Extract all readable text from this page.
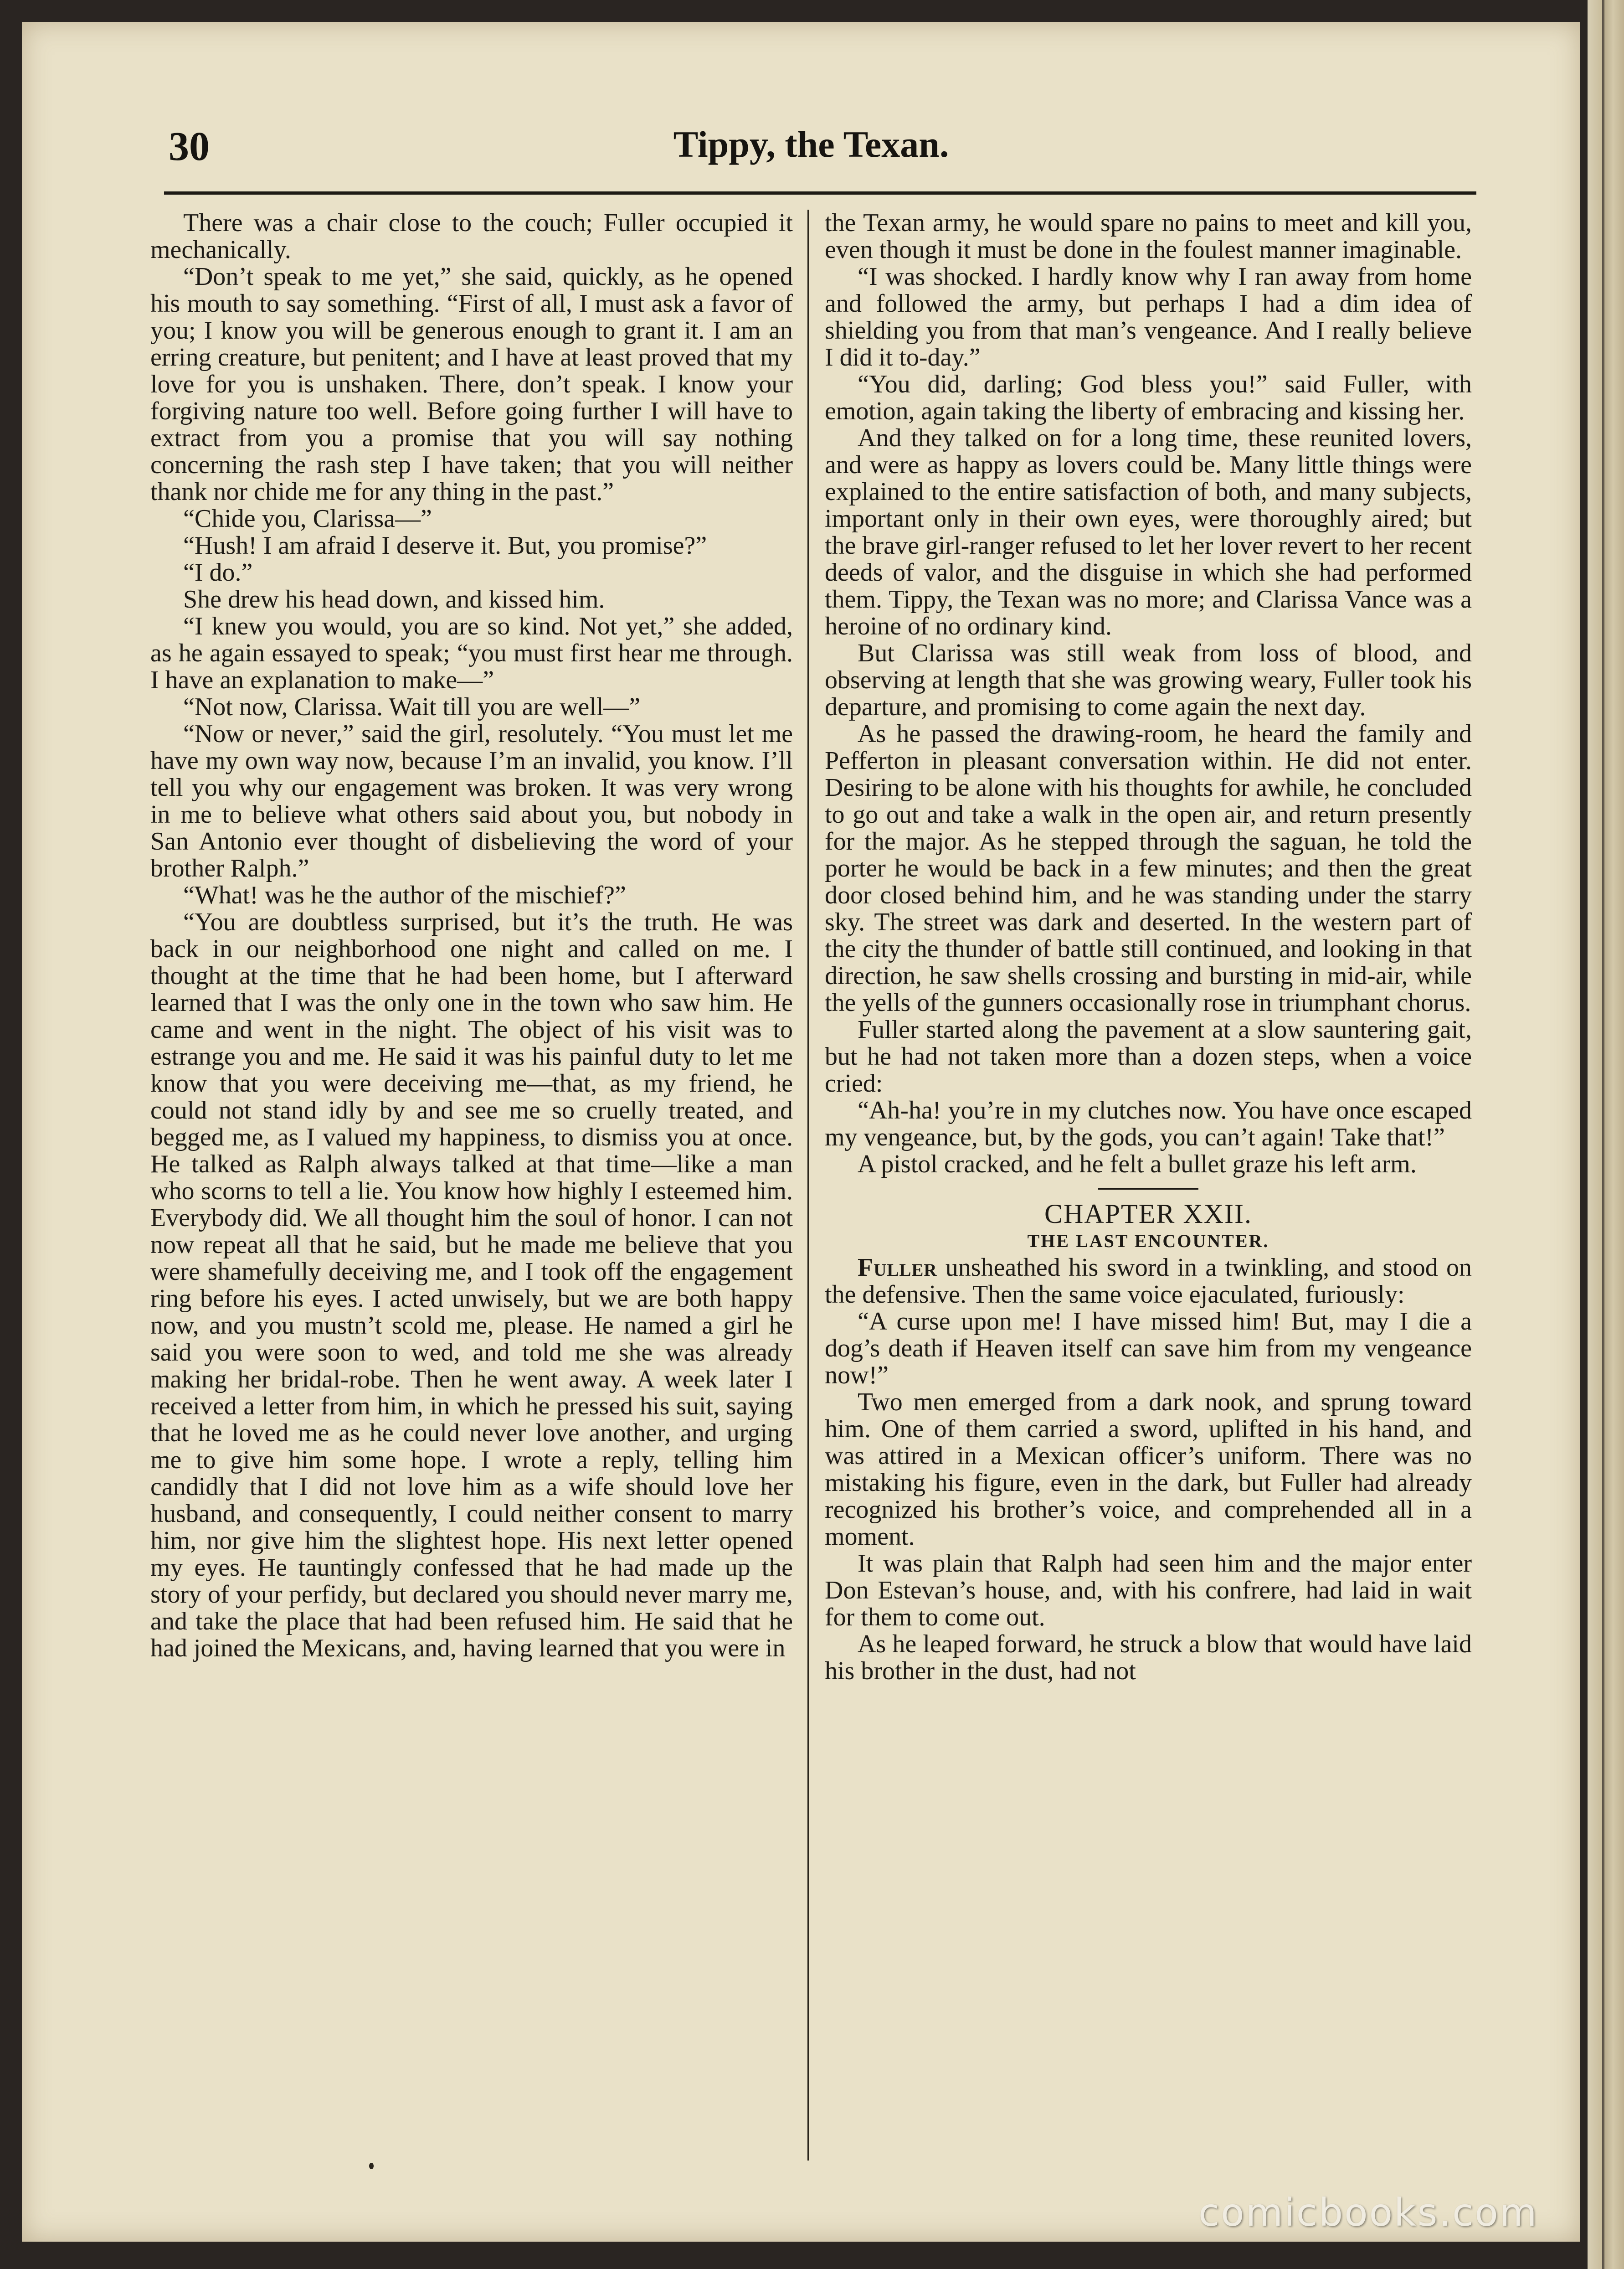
30	Tippy, the Texan.

There was a chair close to the couch; Fuller occupied it mechanically.

“Don’t speak to me yet,” she said, quickly, as he opened his mouth to say something. “First of all, I must ask a favor of you; I know you will be generous enough to grant it. I am an erring creature, but penitent; and I have at least proved that my love for you is unshaken. There, don’t speak. I know your forgiving nature too well. Before going further I will have to extract from you a promise that you will say nothing concerning the rash step I have taken; that you will neither thank nor chide me for any thing in the past.”

“Chide you, Clarissa—”

“Hush! I am afraid I deserve it. But, you promise?”

“I do.”

She drew his head down, and kissed him.

“I knew you would, you are so kind. Not yet,” she added, as he again essayed to speak; “you must first hear me through. I have an explanation to make—”

“Not now, Clarissa. Wait till you are well—”

“Now or never,” said the girl, resolutely. “You must let me have my own way now, because I’m an invalid, you know. I’ll tell you why our engagement was broken. It was very wrong in me to believe what others said about you, but nobody in San Antonio ever thought of disbelieving the word of your brother Ralph.”

“What! was he the author of the mischief?”

“You are doubtless surprised, but it’s the truth. He was back in our neighborhood one night and called on me. I thought at the time that he had been home, but I afterward learned that I was the only one in the town who saw him. He came and went in the night. The object of his visit was to estrange you and me. He said it was his painful duty to let me know that you were deceiving me—that, as my friend, he could not stand idly by and see me so cruelly treated, and begged me, as I valued my happiness, to dismiss you at once. He talked as Ralph always talked at that time—like a man who scorns to tell a lie. You know how highly I esteemed him. Everybody did. We all thought him the soul of honor. I can not now repeat all that he said, but he made me believe that you were shamefully deceiving me, and I took off the engagement ring before his eyes. I acted unwisely, but we are both happy now, and you mustn’t scold me, please. He named a girl he said you were soon to wed, and told me she was already making her bridal-robe. Then he went away. A week later I received a letter from him, in which he pressed his suit, saying that he loved me as he could never love another, and urging me to give him some hope. I wrote a reply, telling him candidly that I did not love him as a wife should love her husband, and consequently, I could neither consent to marry him, nor give him the slightest hope. His next letter opened my eyes. He tauntingly confessed that he had made up the story of your perfidy, but declared you should never marry me, and take the place that had been refused him. He said that he had joined the Mexicans, and, having learned that you were in

the Texan army, he would spare no pains to meet and kill you, even though it must be done in the foulest manner imaginable.

“I was shocked. I hardly know why I ran away from home and followed the army, but perhaps I had a dim idea of shielding you from that man’s vengeance. And I really believe I did it to-day.”

“You did, darling; God bless you!” said Fuller, with emotion, again taking the liberty of embracing and kissing her.

And they talked on for a long time, these reunited lovers, and were as happy as lovers could be. Many little things were explained to the entire satisfaction of both, and many subjects, important only in their own eyes, were thoroughly aired; but the brave girl-ranger refused to let her lover revert to her recent deeds of valor, and the disguise in which she had performed them. Tippy, the Texan was no more; and Clarissa Vance was a heroine of no ordinary kind.

But Clarissa was still weak from loss of blood, and observing at length that she was growing weary, Fuller took his departure, and promising to come again the next day.

As he passed the drawing-room, he heard the family and Pefferton in pleasant conversation within. He did not enter. Desiring to be alone with his thoughts for awhile, he concluded to go out and take a walk in the open air, and return presently for the major. As he stepped through the saguan, he told the porter he would be back in a few minutes; and then the great door closed behind him, and he was standing under the starry sky. The street was dark and deserted. In the western part of the city the thunder of battle still continued, and looking in that direction, he saw shells crossing and bursting in mid-air, while the yells of the gunners occasionally rose in triumphant chorus.

Fuller started along the pavement at a slow sauntering gait, but he had not taken more than a dozen steps, when a voice cried:

“Ah-ha! you’re in my clutches now. You have once escaped my vengeance, but, by the gods, you can’t again! Take that!”

A pistol cracked, and he felt a bullet graze his left arm.

CHAPTER XXII.

THE LAST ENCOUNTER.

Fuller unsheathed his sword in a twinkling, and stood on the defensive. Then the same voice ejaculated, furiously:

“A curse upon me! I have missed him! But, may I die a dog’s death if Heaven itself can save him from my vengeance now!”

Two men emerged from a dark nook, and sprung toward him. One of them carried a sword, uplifted in his hand, and was attired in a Mexican officer’s uniform. There was no mistaking his figure, even in the dark, but Fuller had already recognized his brother’s voice, and comprehended all in a moment.

It was plain that Ralph had seen him and the major enter Don Estevan’s house, and, with his confrere, had laid in wait for them to come out.

As he leaped forward, he struck a blow that would have laid his brother in the dust, had not

comicbooks.com
